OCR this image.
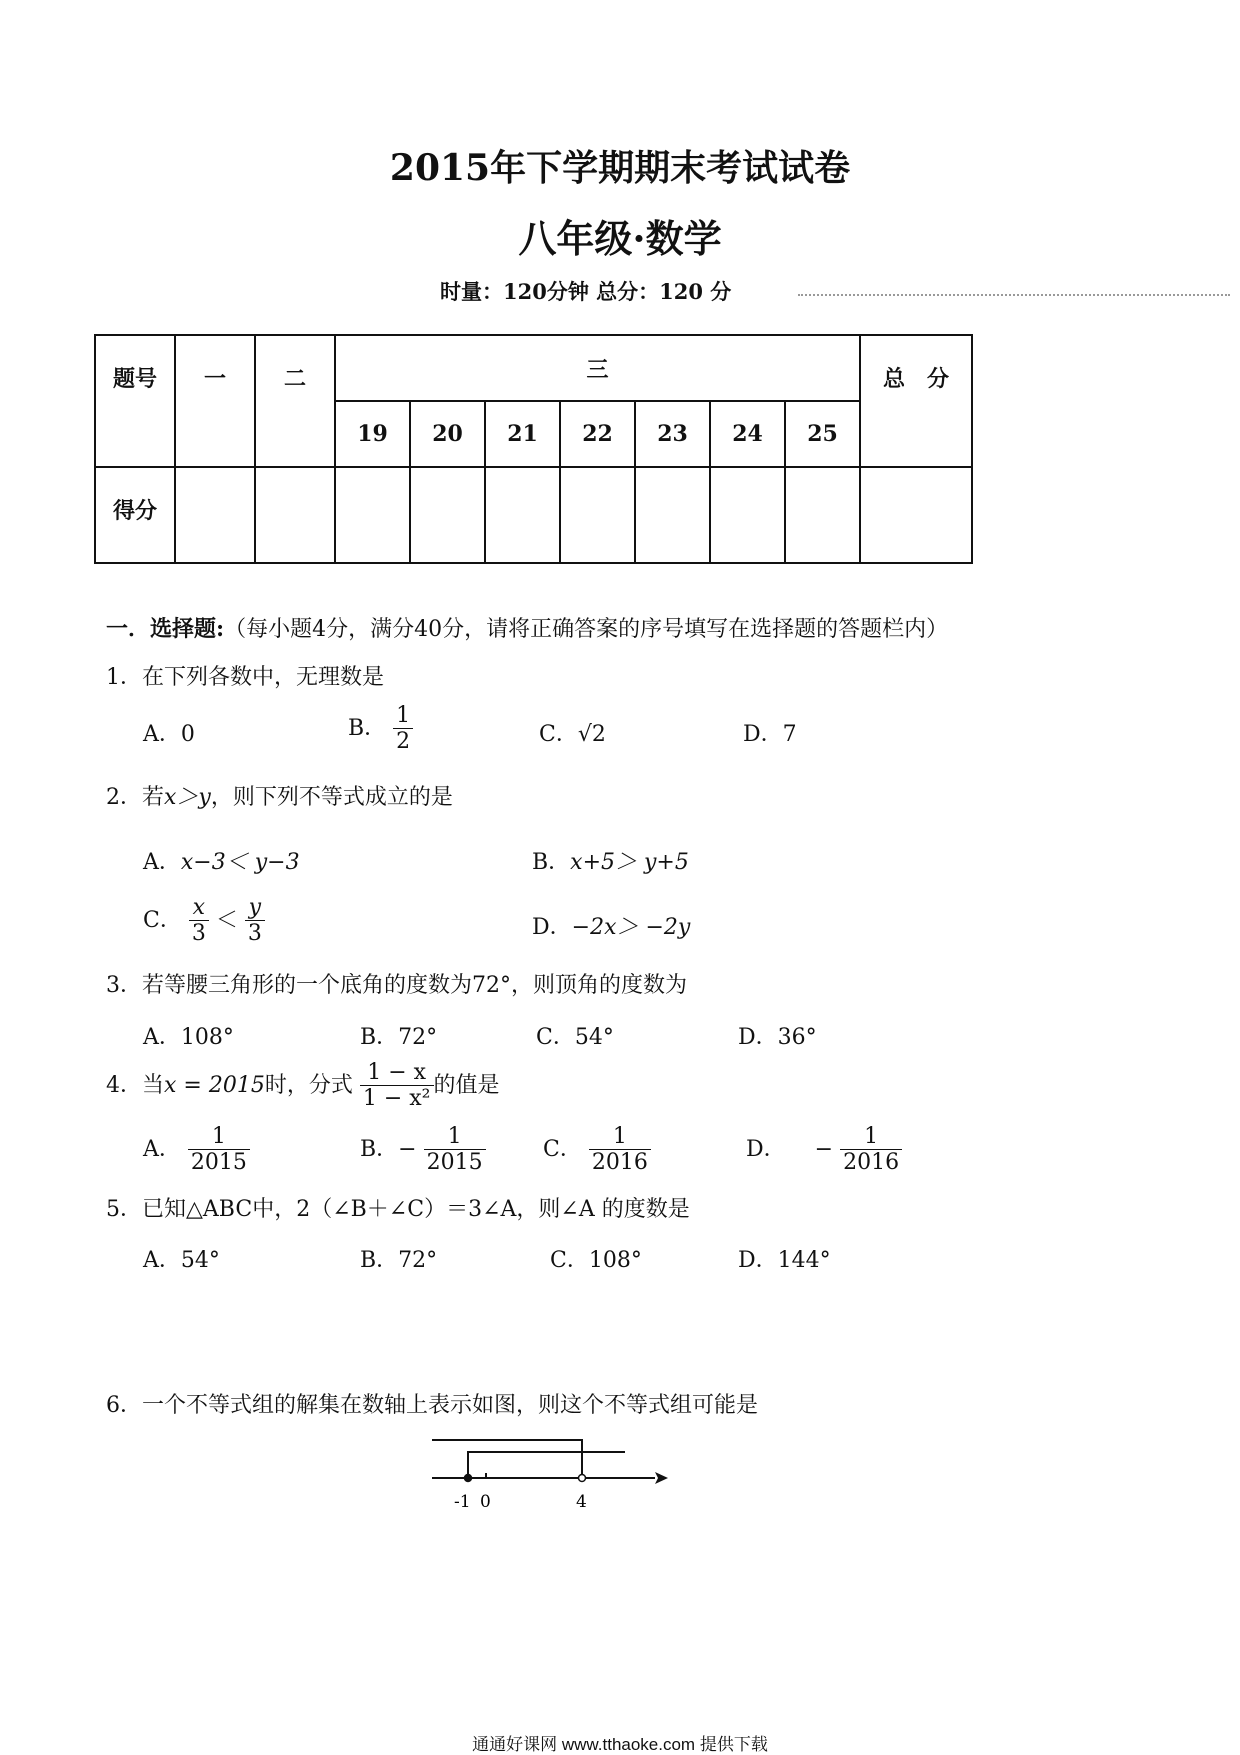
2015年下学期期末考试试卷
八年级·数学
时量：120分钟 总分：120 分
题号	一	二	三							总　分
			19	20	21	22	23	24	25	
得分										
一．选择题:（每小题4分，满分40分，请将正确答案的序号填写在选择题的答题栏内）
1．在下列各数中，无理数是
A．0	B． $\frac{1}{2}$	C．√2	D．7
2．若x＞y，则下列不等式成立的是
A．x−3＜ y−3	B．x+5＞ y+5
C． $\frac{x}{3} < \frac{y}{3}$	D．−2x＞ −2y
3．若等腰三角形的一个底角的度数为72°，则顶角的度数为
A．108°	B．72°	C．54°	D．36°
4．当x = 2015时，分式 $\frac{1 - x}{\text{1 − x²}}$ 的值是
A． $\frac{1}{2015}$	B．− $\frac{1}{2015}$	C． $\frac{1}{2016}$	D． − $\frac{1}{2016}$
5．已知△ABC中，2（∠B＋∠C）＝3∠A，则∠A 的度数是
A．54°	B．72°	C．108°	D．144°
6．一个不等式组的解集在数轴上表示如图，则这个不等式组可能是
-1 0	4
通通好课网 www.tthaoke.com 提供下载
